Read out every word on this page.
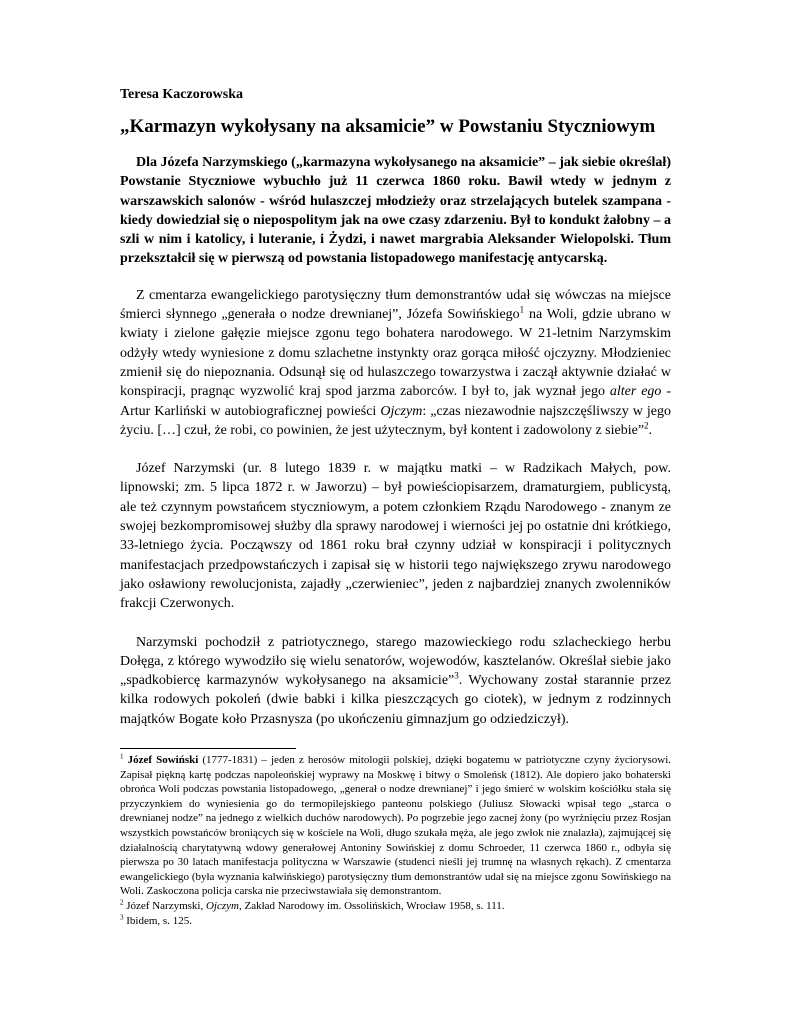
Teresa Kaczorowska

„Karmazyn wykołysany na aksamicie” w Powstaniu Styczniowym

Dla Józefa Narzymskiego („karmazyna wykołysanego na aksamicie” – jak siebie określał) Powstanie Styczniowe wybuchło już 11 czerwca 1860 roku. Bawił wtedy w jednym z warszawskich salonów - wśród hulaszczej młodzieży oraz strzelających butelek szampana - kiedy dowiedział się o niepospolitym jak na owe czasy zdarzeniu. Był to kondukt żałobny – a szli w nim i katolicy, i luteranie, i Żydzi, i nawet margrabia Aleksander Wielopolski. Tłum przekształcił się w pierwszą od powstania listopadowego manifestację antycarską.

Z cmentarza ewangelickiego parotysięczny tłum demonstrantów udał się wówczas na miejsce śmierci słynnego „generała o nodze drewnianej”, Józefa Sowińskiego$^1$ na Woli, gdzie ubrano w kwiaty i zielone gałęzie miejsce zgonu tego bohatera narodowego. W 21-letnim Narzymskim odżyły wtedy wyniesione z domu szlachetne instynkty oraz gorąca miłość ojczyzny. Młodzieniec zmienił się do niepoznania. Odsunął się od hulaszczego towarzystwa i zaczął aktywnie działać w konspiracji, pragnąc wyzwolić kraj spod jarzma zaborców. I był to, jak wyznał jego alter ego - Artur Karliński w autobiograficznej powieści Ojczym: „czas niezawodnie najszczęśliwszy w jego życiu. […] czuł, że robi, co powinien, że jest użytecznym, był kontent i zadowolony z siebie”$^2$.

Józef Narzymski (ur. 8 lutego 1839 r. w majątku matki – w Radzikach Małych, pow. lipnowski; zm. 5 lipca 1872 r. w Jaworzu) – był powieściopisarzem, dramaturgiem, publicystą, ale też czynnym powstańcem styczniowym, a potem członkiem Rządu Narodowego - znanym ze swojej bezkompromisowej służby dla sprawy narodowej i wierności jej po ostatnie dni krótkiego, 33-letniego życia. Począwszy od 1861 roku brał czynny udział w konspiracji i politycznych manifestacjach przedpowstańczych i zapisał się w historii tego największego zrywu narodowego jako osławiony rewolucjonista, zajadły „czerwieniec”, jeden z najbardziej znanych zwolenników frakcji Czerwonych.

Narzymski pochodził z patriotycznego, starego mazowieckiego rodu szlacheckiego herbu Dołęga, z którego wywodziło się wielu senatorów, wojewodów, kasztelanów. Określał siebie jako „spadkobiercę karmazynów wykołysanego na aksamicie”$^3$. Wychowany został starannie przez kilka rodowych pokoleń (dwie babki i kilka pieszczących go ciotek), w jednym z rodzinnych majątków Bogate koło Przasnysza (po ukończeniu gimnazjum go odziedziczył).

$^1$ Józef Sowiński (1777-1831) – jeden z herosów mitologii polskiej, dzięki bogatemu w patriotyczne czyny życiorysowi. Zapisał piękną kartę podczas napoleońskiej wyprawy na Moskwę i bitwy o Smoleńsk (1812). Ale dopiero jako bohaterski obrońca Woli podczas powstania listopadowego, „generał o nodze drewnianej” i jego śmierć w wolskim kościółku stała się przyczynkiem do wyniesienia go do termopilejskiego panteonu polskiego (Juliusz Słowacki wpisał tego „starca o drewnianej nodze” na jednego z wielkich duchów narodowych). Po pogrzebie jego zacnej żony (po wyrżnięciu przez Rosjan wszystkich powstańców broniących się w kościele na Woli, długo szukała męża, ale jego zwłok nie znalazła), zajmującej się działalnością charytatywną wdowy generałowej Antoniny Sowińskiej z domu Schroeder, 11 czerwca 1860 r., odbyła się pierwsza po 30 latach manifestacja polityczna w Warszawie (studenci nieśli jej trumnę na własnych rękach). Z cmentarza ewangelickiego (była wyznania kalwińskiego) parotysięczny tłum demonstrantów udał się na miejsce zgonu Sowińskiego na Woli. Zaskoczona policja carska nie przeciwstawiała się demonstrantom.

$^2$ Józef Narzymski, Ojczym, Zakład Narodowy im. Ossolińskich, Wrocław 1958, s. 111.

$^3$ Ibidem, s. 125.
